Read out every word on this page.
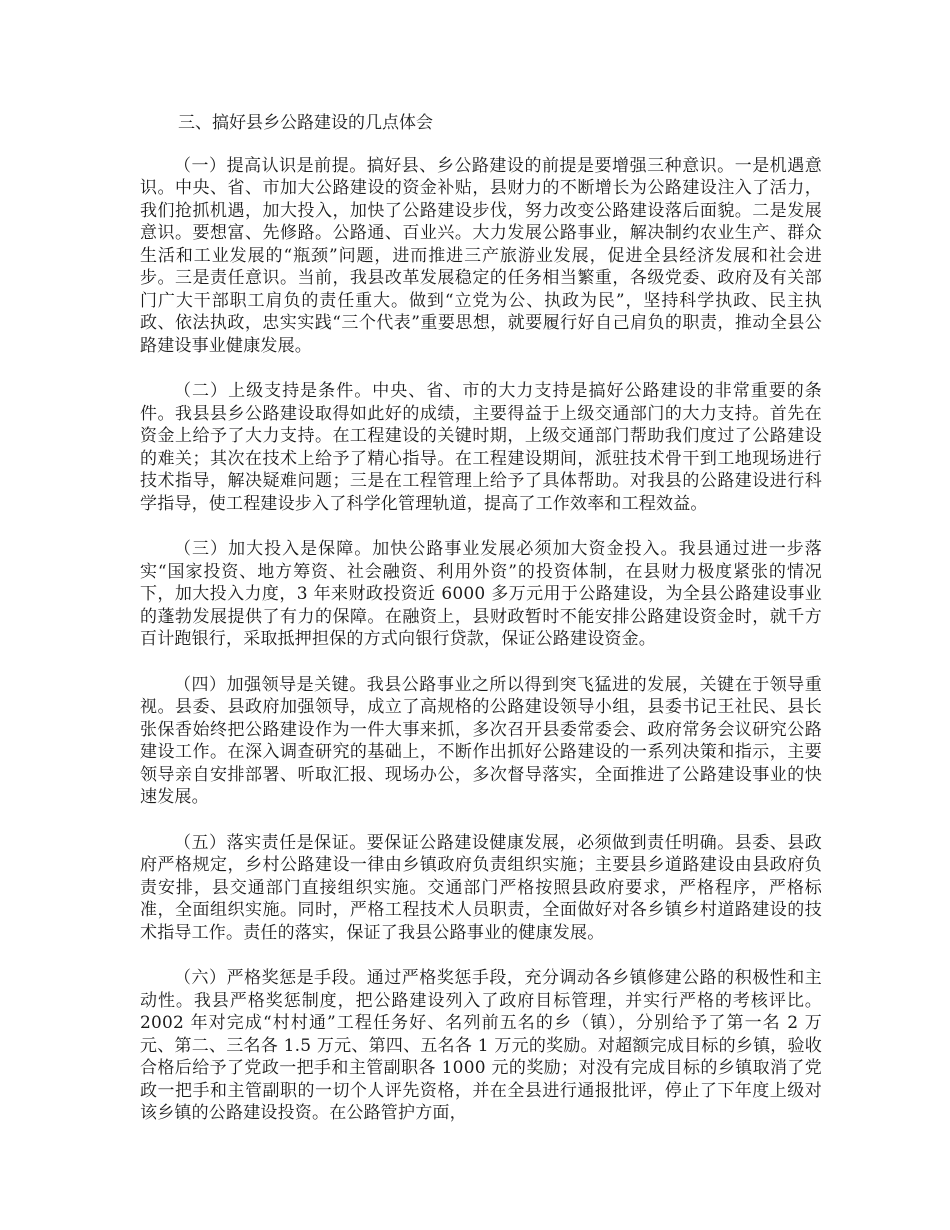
三、搞好县乡公路建设的几点体会

（一）提高认识是前提。搞好县、乡公路建设的前提是要增强三种意识。一是机遇意识。中央、省、市加大公路建设的资金补贴，县财力的不断增长为公路建设注入了活力，我们抢抓机遇，加大投入，加快了公路建设步伐，努力改变公路建设落后面貌。二是发展意识。要想富、先修路。公路通、百业兴。大力发展公路事业，解决制约农业生产、群众生活和工业发展的“瓶颈”问题，进而推进三产旅游业发展，促进全县经济发展和社会进步。三是责任意识。当前，我县改革发展稳定的任务相当繁重，各级党委、政府及有关部门广大干部职工肩负的责任重大。做到“立党为公、执政为民”，坚持科学执政、民主执政、依法执政，忠实实践“三个代表”重要思想，就要履行好自己肩负的职责，推动全县公路建设事业健康发展。

（二）上级支持是条件。中央、省、市的大力支持是搞好公路建设的非常重要的条件。我县县乡公路建设取得如此好的成绩，主要得益于上级交通部门的大力支持。首先在资金上给予了大力支持。在工程建设的关键时期，上级交通部门帮助我们度过了公路建设的难关；其次在技术上给予了精心指导。在工程建设期间，派驻技术骨干到工地现场进行技术指导，解决疑难问题；三是在工程管理上给予了具体帮助。对我县的公路建设进行科学指导，使工程建设步入了科学化管理轨道，提高了工作效率和工程效益。

（三）加大投入是保障。加快公路事业发展必须加大资金投入。我县通过进一步落实“国家投资、地方筹资、社会融资、利用外资”的投资体制，在县财力极度紧张的情况下，加大投入力度，3 年来财政投资近 6000 多万元用于公路建设，为全县公路建设事业的蓬勃发展提供了有力的保障。在融资上，县财政暂时不能安排公路建设资金时，就千方百计跑银行，采取抵押担保的方式向银行贷款，保证公路建设资金。

（四）加强领导是关键。我县公路事业之所以得到突飞猛进的发展，关键在于领导重视。县委、县政府加强领导，成立了高规格的公路建设领导小组，县委书记王社民、县长张保香始终把公路建设作为一件大事来抓，多次召开县委常委会、政府常务会议研究公路建设工作。在深入调查研究的基础上，不断作出抓好公路建设的一系列决策和指示，主要领导亲自安排部署、听取汇报、现场办公，多次督导落实，全面推进了公路建设事业的快速发展。

（五）落实责任是保证。要保证公路建设健康发展，必须做到责任明确。县委、县政府严格规定，乡村公路建设一律由乡镇政府负责组织实施；主要县乡道路建设由县政府负责安排，县交通部门直接组织实施。交通部门严格按照县政府要求，严格程序，严格标准，全面组织实施。同时，严格工程技术人员职责，全面做好对各乡镇乡村道路建设的技术指导工作。责任的落实，保证了我县公路事业的健康发展。

（六）严格奖惩是手段。通过严格奖惩手段，充分调动各乡镇修建公路的积极性和主动性。我县严格奖惩制度，把公路建设列入了政府目标管理，并实行严格的考核评比。2002 年对完成“村村通”工程任务好、名列前五名的乡（镇），分别给予了第一名 2 万元、第二、三名各 1.5 万元、第四、五名各 1 万元的奖励。对超额完成目标的乡镇，验收合格后给予了党政一把手和主管副职各 1000 元的奖励；对没有完成目标的乡镇取消了党政一把手和主管副职的一切个人评先资格，并在全县进行通报批评，停止了下年度上级对该乡镇的公路建设投资。在公路管护方面，
